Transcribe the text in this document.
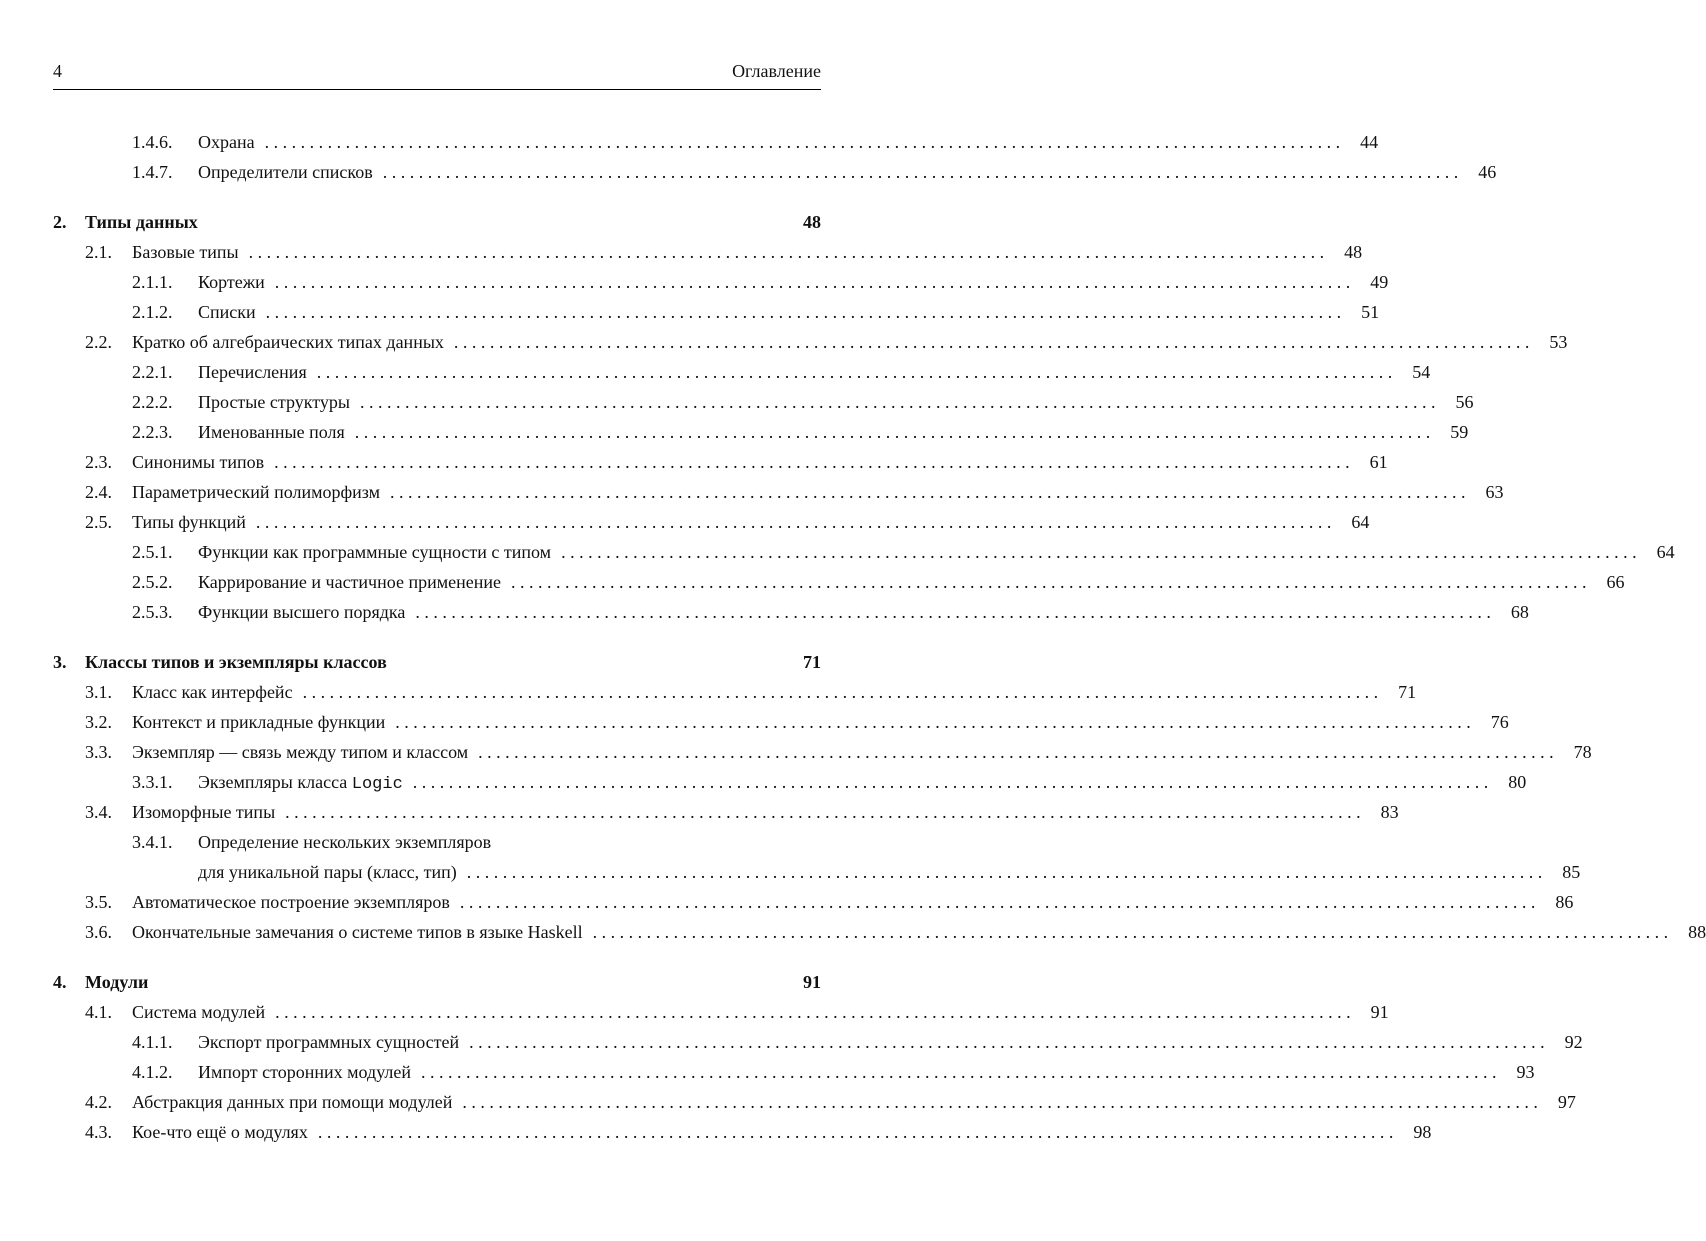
4	Оглавление
1.4.6.	Охрана . . . . . . . . . . . . . . . . . . . . . . . . . . . . . . . . . . . . . . . . . . . . . . . . . . . . . . . . . . . . . . . . . . . . . . . . . . . . . . . . . . . . . . . . . . . . . . . . . . . . . . . . . . . . . . . . . . . . . . . .	44
1.4.7.	Определители списков . . . . . . . . . . . . . . . . . . . . . . . . . . . . . . . . . . . . . . . . . . . . . . . . . . . . . . . . . . . . . . . . . . . . . . . . . . . . . . . . . . . . . . . . . . . . . . . . . . . . . . . . . . . . . . . . . . . . . . . .	46
2.	Типы данных	48
2.1.	Базовые типы . . . . . . . . . . . . . . . . . . . . . . . . . . . . . . . . . . . . . . . . . . . . . . . . . . . . . . . . . . . . . . . . . . . . . . . . . . . . . . . . . . . . . . . . . . . . . . . . . . . . . . . . . . . . . . . . . . . . . . . .	48
2.1.1.	Кортежи . . . . . . . . . . . . . . . . . . . . . . . . . . . . . . . . . . . . . . . . . . . . . . . . . . . . . . . . . . . . . . . . . . . . . . . . . . . . . . . . . . . . . . . . . . . . . . . . . . . . . . . . . . . . . . . . . . . . . . . .	49
2.1.2.	Списки . . . . . . . . . . . . . . . . . . . . . . . . . . . . . . . . . . . . . . . . . . . . . . . . . . . . . . . . . . . . . . . . . . . . . . . . . . . . . . . . . . . . . . . . . . . . . . . . . . . . . . . . . . . . . . . . . . . . . . . .	51
2.2.	Кратко об алгебраических типах данных . . . . . . . . . . . . . . . . . . . . . . . . . . . . . . . . . . . . . . . . . . . . . . . . . . . . . . . . . . . . . . . . . . . . . . . . . . . . . . . . . . . . . . . . . . . . . . . . . . . . . . . . . . . . . . . . . . . . . . . .	53
2.2.1.	Перечисления . . . . . . . . . . . . . . . . . . . . . . . . . . . . . . . . . . . . . . . . . . . . . . . . . . . . . . . . . . . . . . . . . . . . . . . . . . . . . . . . . . . . . . . . . . . . . . . . . . . . . . . . . . . . . . . . . . . . . . . .	54
2.2.2.	Простые структуры . . . . . . . . . . . . . . . . . . . . . . . . . . . . . . . . . . . . . . . . . . . . . . . . . . . . . . . . . . . . . . . . . . . . . . . . . . . . . . . . . . . . . . . . . . . . . . . . . . . . . . . . . . . . . . . . . . . . . . . .	56
2.2.3.	Именованные поля . . . . . . . . . . . . . . . . . . . . . . . . . . . . . . . . . . . . . . . . . . . . . . . . . . . . . . . . . . . . . . . . . . . . . . . . . . . . . . . . . . . . . . . . . . . . . . . . . . . . . . . . . . . . . . . . . . . . . . . .	59
2.3.	Синонимы типов . . . . . . . . . . . . . . . . . . . . . . . . . . . . . . . . . . . . . . . . . . . . . . . . . . . . . . . . . . . . . . . . . . . . . . . . . . . . . . . . . . . . . . . . . . . . . . . . . . . . . . . . . . . . . . . . . . . . . . . .	61
2.4.	Параметрический полиморфизм . . . . . . . . . . . . . . . . . . . . . . . . . . . . . . . . . . . . . . . . . . . . . . . . . . . . . . . . . . . . . . . . . . . . . . . . . . . . . . . . . . . . . . . . . . . . . . . . . . . . . . . . . . . . . . . . . . . . . . . .	63
2.5.	Типы функций . . . . . . . . . . . . . . . . . . . . . . . . . . . . . . . . . . . . . . . . . . . . . . . . . . . . . . . . . . . . . . . . . . . . . . . . . . . . . . . . . . . . . . . . . . . . . . . . . . . . . . . . . . . . . . . . . . . . . . . .	64
2.5.1.	Функции как программные сущности с типом . . . . . . . . . . . . . . . . . . . . . . . . . . . . . . . . . . . . . . . . . . . . . . . . . . . . . . . . . . . . . . . . . . . . . . . . . . . . . . . . . . . . . . . . . . . . . . . . . . . . . . . . . . . . . . . . . . . . . . . .	64
2.5.2.	Каррирование и частичное применение . . . . . . . . . . . . . . . . . . . . . . . . . . . . . . . . . . . . . . . . . . . . . . . . . . . . . . . . . . . . . . . . . . . . . . . . . . . . . . . . . . . . . . . . . . . . . . . . . . . . . . . . . . . . . . . . . . . . . . . .	66
2.5.3.	Функции высшего порядка . . . . . . . . . . . . . . . . . . . . . . . . . . . . . . . . . . . . . . . . . . . . . . . . . . . . . . . . . . . . . . . . . . . . . . . . . . . . . . . . . . . . . . . . . . . . . . . . . . . . . . . . . . . . . . . . . . . . . . . .	68
3.	Классы типов и экземпляры классов	71
3.1.	Класс как интерфейс . . . . . . . . . . . . . . . . . . . . . . . . . . . . . . . . . . . . . . . . . . . . . . . . . . . . . . . . . . . . . . . . . . . . . . . . . . . . . . . . . . . . . . . . . . . . . . . . . . . . . . . . . . . . . . . . . . . . . . . .	71
3.2.	Контекст и прикладные функции . . . . . . . . . . . . . . . . . . . . . . . . . . . . . . . . . . . . . . . . . . . . . . . . . . . . . . . . . . . . . . . . . . . . . . . . . . . . . . . . . . . . . . . . . . . . . . . . . . . . . . . . . . . . . . . . . . . . . . . .	76
3.3.	Экземпляр — связь между типом и классом . . . . . . . . . . . . . . . . . . . . . . . . . . . . . . . . . . . . . . . . . . . . . . . . . . . . . . . . . . . . . . . . . . . . . . . . . . . . . . . . . . . . . . . . . . . . . . . . . . . . . . . . . . . . . . . . . . . . . . . .	78
3.3.1.	Экземпляры класса Logic . . . . . . . . . . . . . . . . . . . . . . . . . . . . . . . . . . . . . . . . . . . . . . . . . . . . . . . . . . . . . . . . . . . . . . . . . . . . . . . . . . . . . . . . . . . . . . . . . . . . . . . . . . . . . . . . . . . . . . . .	80
3.4.	Изоморфные типы . . . . . . . . . . . . . . . . . . . . . . . . . . . . . . . . . . . . . . . . . . . . . . . . . . . . . . . . . . . . . . . . . . . . . . . . . . . . . . . . . . . . . . . . . . . . . . . . . . . . . . . . . . . . . . . . . . . . . . . .	83
3.4.1.	Определение нескольких экземпляров
для уникальной пары (класс, тип) . . . . . . . . . . . . . . . . . . . . . . . . . . . . . . . . . . . . . . . . . . . . . . . . . . . . . . . . . . . . . . . . . . . . . . . . . . . . . . . . . . . . . . . . . . . . . . . . . . . . . . . . . . . . . . . . . . . . . . . .	85
3.5.	Автоматическое построение экземпляров . . . . . . . . . . . . . . . . . . . . . . . . . . . . . . . . . . . . . . . . . . . . . . . . . . . . . . . . . . . . . . . . . . . . . . . . . . . . . . . . . . . . . . . . . . . . . . . . . . . . . . . . . . . . . . . . . . . . . . . .	86
3.6.	Окончательные замечания о системе типов в языке Haskell . . . . . . . . . . . . . . . . . . . . . . . . . . . . . . . . . . . . . . . . . . . . . . . . . . . . . . . . . . . . . . . . . . . . . . . . . . . . . . . . . . . . . . . . . . . . . . . . . . . . . . . . . . . . . . . . . . . . . . . .	88
4.	Модули	91
4.1.	Система модулей . . . . . . . . . . . . . . . . . . . . . . . . . . . . . . . . . . . . . . . . . . . . . . . . . . . . . . . . . . . . . . . . . . . . . . . . . . . . . . . . . . . . . . . . . . . . . . . . . . . . . . . . . . . . . . . . . . . . . . . .	91
4.1.1.	Экспорт программных сущностей . . . . . . . . . . . . . . . . . . . . . . . . . . . . . . . . . . . . . . . . . . . . . . . . . . . . . . . . . . . . . . . . . . . . . . . . . . . . . . . . . . . . . . . . . . . . . . . . . . . . . . . . . . . . . . . . . . . . . . . .	92
4.1.2.	Импорт сторонних модулей . . . . . . . . . . . . . . . . . . . . . . . . . . . . . . . . . . . . . . . . . . . . . . . . . . . . . . . . . . . . . . . . . . . . . . . . . . . . . . . . . . . . . . . . . . . . . . . . . . . . . . . . . . . . . . . . . . . . . . . .	93
4.2.	Абстракция данных при помощи модулей . . . . . . . . . . . . . . . . . . . . . . . . . . . . . . . . . . . . . . . . . . . . . . . . . . . . . . . . . . . . . . . . . . . . . . . . . . . . . . . . . . . . . . . . . . . . . . . . . . . . . . . . . . . . . . . . . . . . . . . .	97
4.3.	Кое-что ещё о модулях . . . . . . . . . . . . . . . . . . . . . . . . . . . . . . . . . . . . . . . . . . . . . . . . . . . . . . . . . . . . . . . . . . . . . . . . . . . . . . . . . . . . . . . . . . . . . . . . . . . . . . . . . . . . . . . . . . . . . . . .	98
